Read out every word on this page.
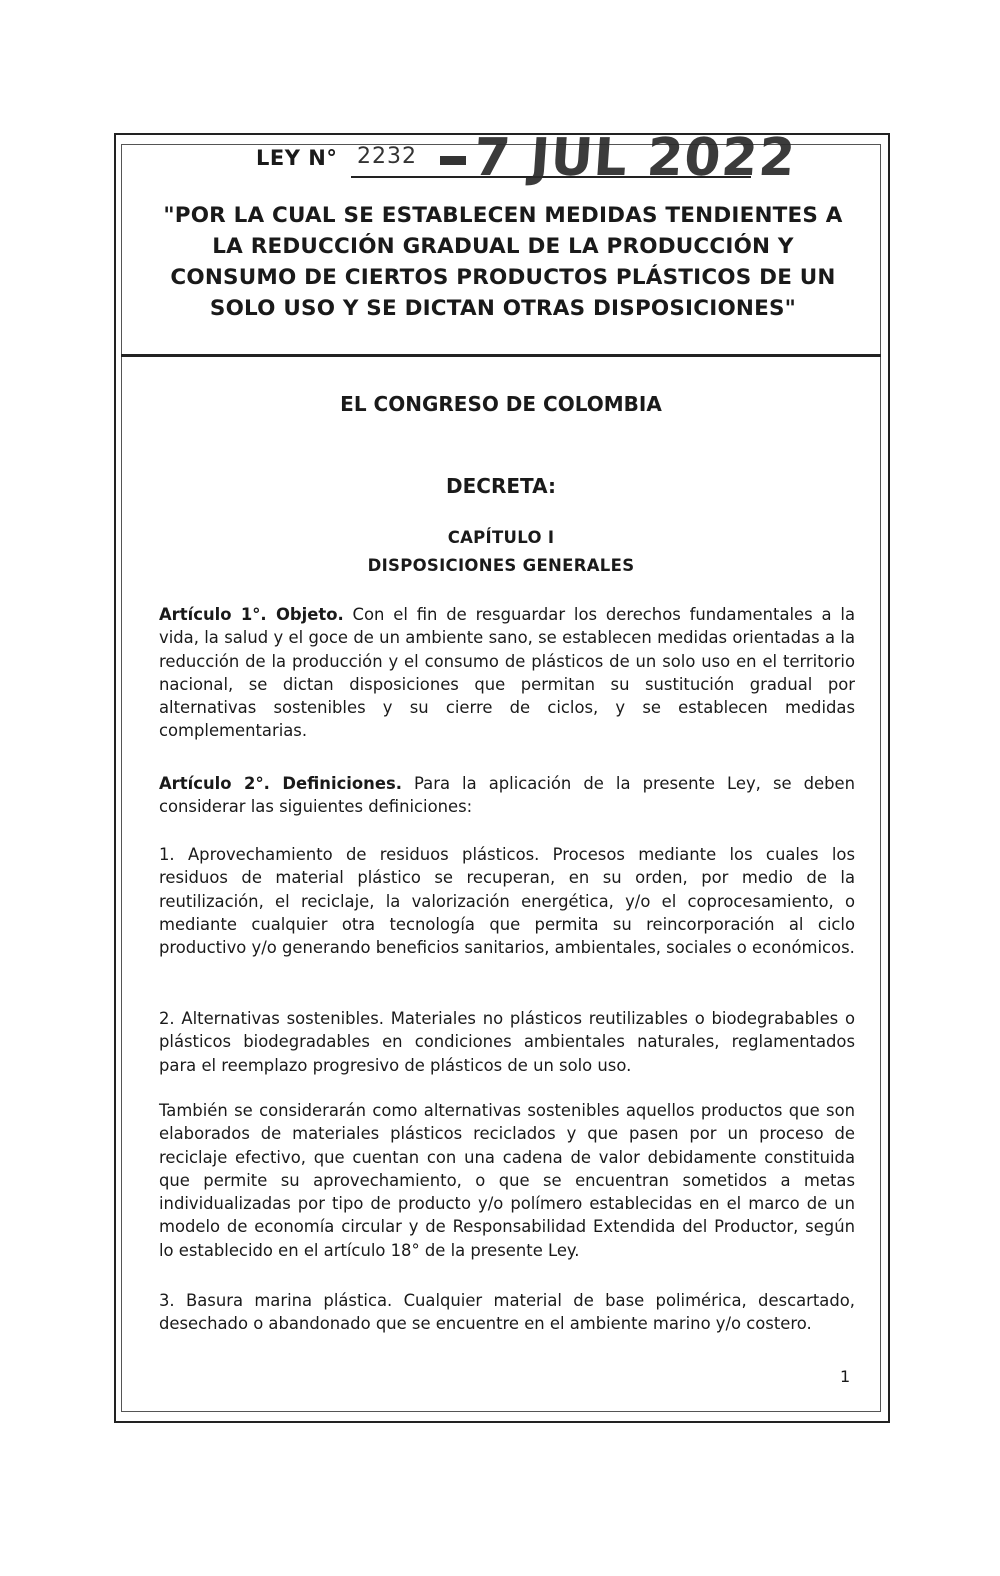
LEY N° 2232 7 JUL 2022
"POR LA CUAL SE ESTABLECEN MEDIDAS TENDIENTES A LA REDUCCIÓN GRADUAL DE LA PRODUCCIÓN Y CONSUMO DE CIERTOS PRODUCTOS PLÁSTICOS DE UN SOLO USO Y SE DICTAN OTRAS DISPOSICIONES"
EL CONGRESO DE COLOMBIA
DECRETA:
CAPÍTULO I
DISPOSICIONES GENERALES
Artículo 1°. Objeto. Con el fin de resguardar los derechos fundamentales a la vida, la salud y el goce de un ambiente sano, se establecen medidas orientadas a la reducción de la producción y el consumo de plásticos de un solo uso en el territorio nacional, se dictan disposiciones que permitan su sustitución gradual por alternativas sostenibles y su cierre de ciclos, y se establecen medidas complementarias.
Artículo 2°. Definiciones. Para la aplicación de la presente Ley, se deben considerar las siguientes definiciones:
1. Aprovechamiento de residuos plásticos. Procesos mediante los cuales los residuos de material plástico se recuperan, en su orden, por medio de la reutilización, el reciclaje, la valorización energética, y/o el coprocesamiento, o mediante cualquier otra tecnología que permita su reincorporación al ciclo productivo y/o generando beneficios sanitarios, ambientales, sociales o económicos.
2. Alternativas sostenibles. Materiales no plásticos reutilizables o biodegrabables o plásticos biodegradables en condiciones ambientales naturales, reglamentados para el reemplazo progresivo de plásticos de un solo uso.
También se considerarán como alternativas sostenibles aquellos productos que son elaborados de materiales plásticos reciclados y que pasen por un proceso de reciclaje efectivo, que cuentan con una cadena de valor debidamente constituida que permite su aprovechamiento, o que se encuentran sometidos a metas individualizadas por tipo de producto y/o polímero establecidas en el marco de un modelo de economía circular y de Responsabilidad Extendida del Productor, según lo establecido en el artículo 18° de la presente Ley.
3. Basura marina plástica. Cualquier material de base polimérica, descartado, desechado o abandonado que se encuentre en el ambiente marino y/o costero.
1
